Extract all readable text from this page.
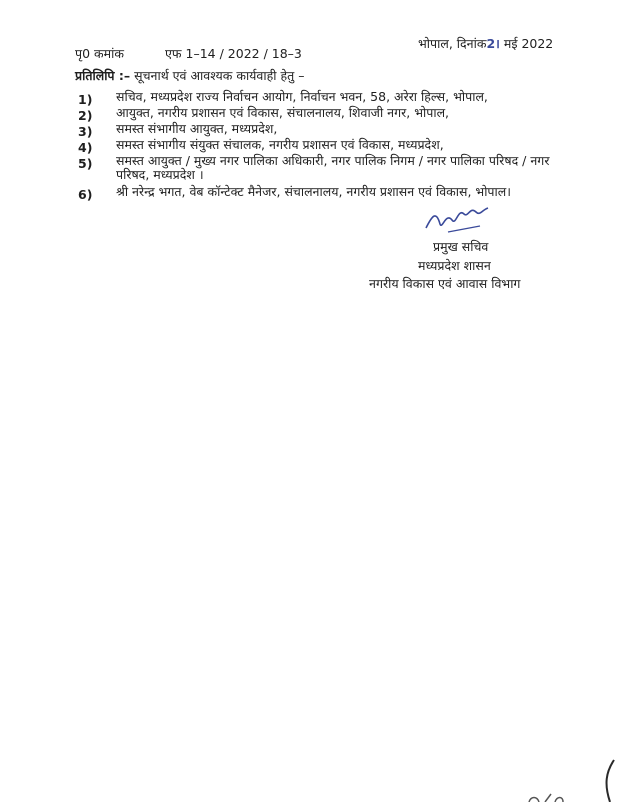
पृ0 कमांक	एफ 1–14 / 2022 / 18–3
भोपाल, दिनांक2। मई 2022
प्रतिलिपि :– सूचनार्थ एवं आवश्यक कार्यवाही हेतु –
1) सचिव, मध्यप्रदेश राज्य निर्वाचन आयोग, निर्वाचन भवन, 58, अरेरा हिल्स, भोपाल,
2) आयुक्त, नगरीय प्रशासन एवं विकास, संचालनालय, शिवाजी नगर, भोपाल,
3) समस्त संभागीय आयुक्त, मध्यप्रदेश,
4) समस्त संभागीय संयुक्त संचालक, नगरीय प्रशासन एवं विकास, मध्यप्रदेश,
5) समस्त आयुक्त / मुख्य नगर पालिका अधिकारी, नगर पालिक निगम / नगर पालिका परिषद / नगर परिषद, मध्यप्रदेश ।
6) श्री नरेन्द्र भगत, वेब कॉन्टेक्ट मैनेजर, संचालनालय, नगरीय प्रशासन एवं विकास, भोपाल।
प्रमुख सचिव
मध्यप्रदेश शासन
नगरीय विकास एवं आवास विभाग
